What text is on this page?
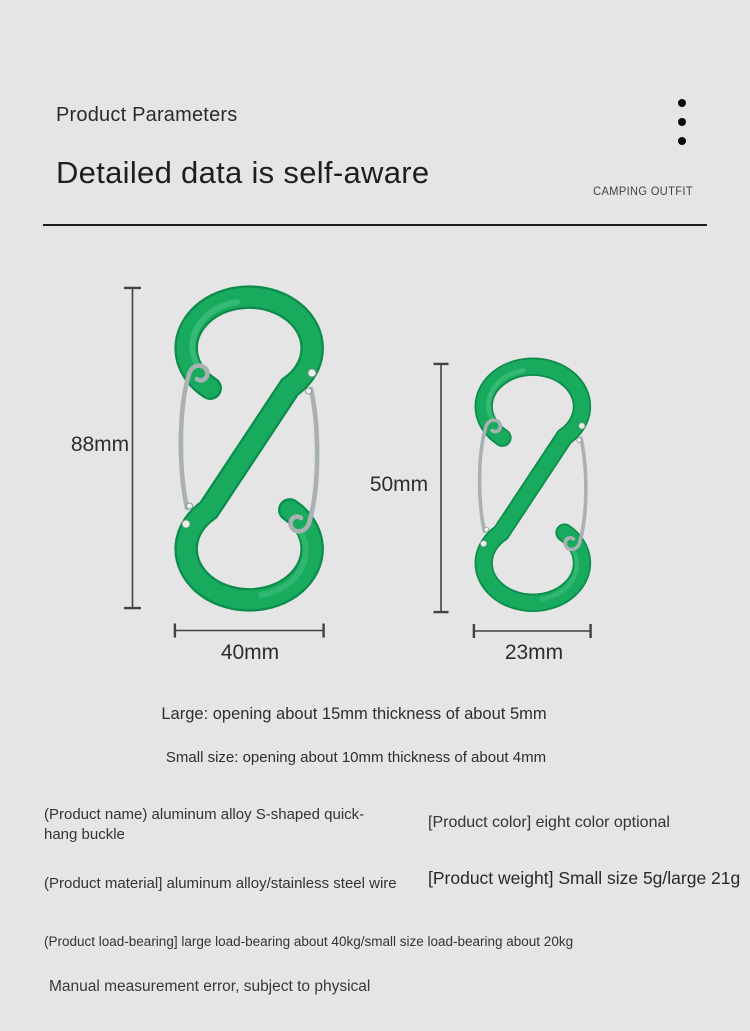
Product Parameters
Detailed data is self-aware
CAMPING OUTFIT
88mm
50mm
40mm	23mm
Large: opening about 15mm thickness of about 5mm
Small size: opening about 10mm thickness of about 4mm
(Product name) aluminum alloy S-shaped quick-hang buckle
[Product color] eight color optional
(Product material] aluminum alloy/stainless steel wire [Product weight] Small size 5g/large 21g
(Product load-bearing] large load-bearing about 40kg/small size load-bearing about 20kg
Manual measurement error, subject to physical
